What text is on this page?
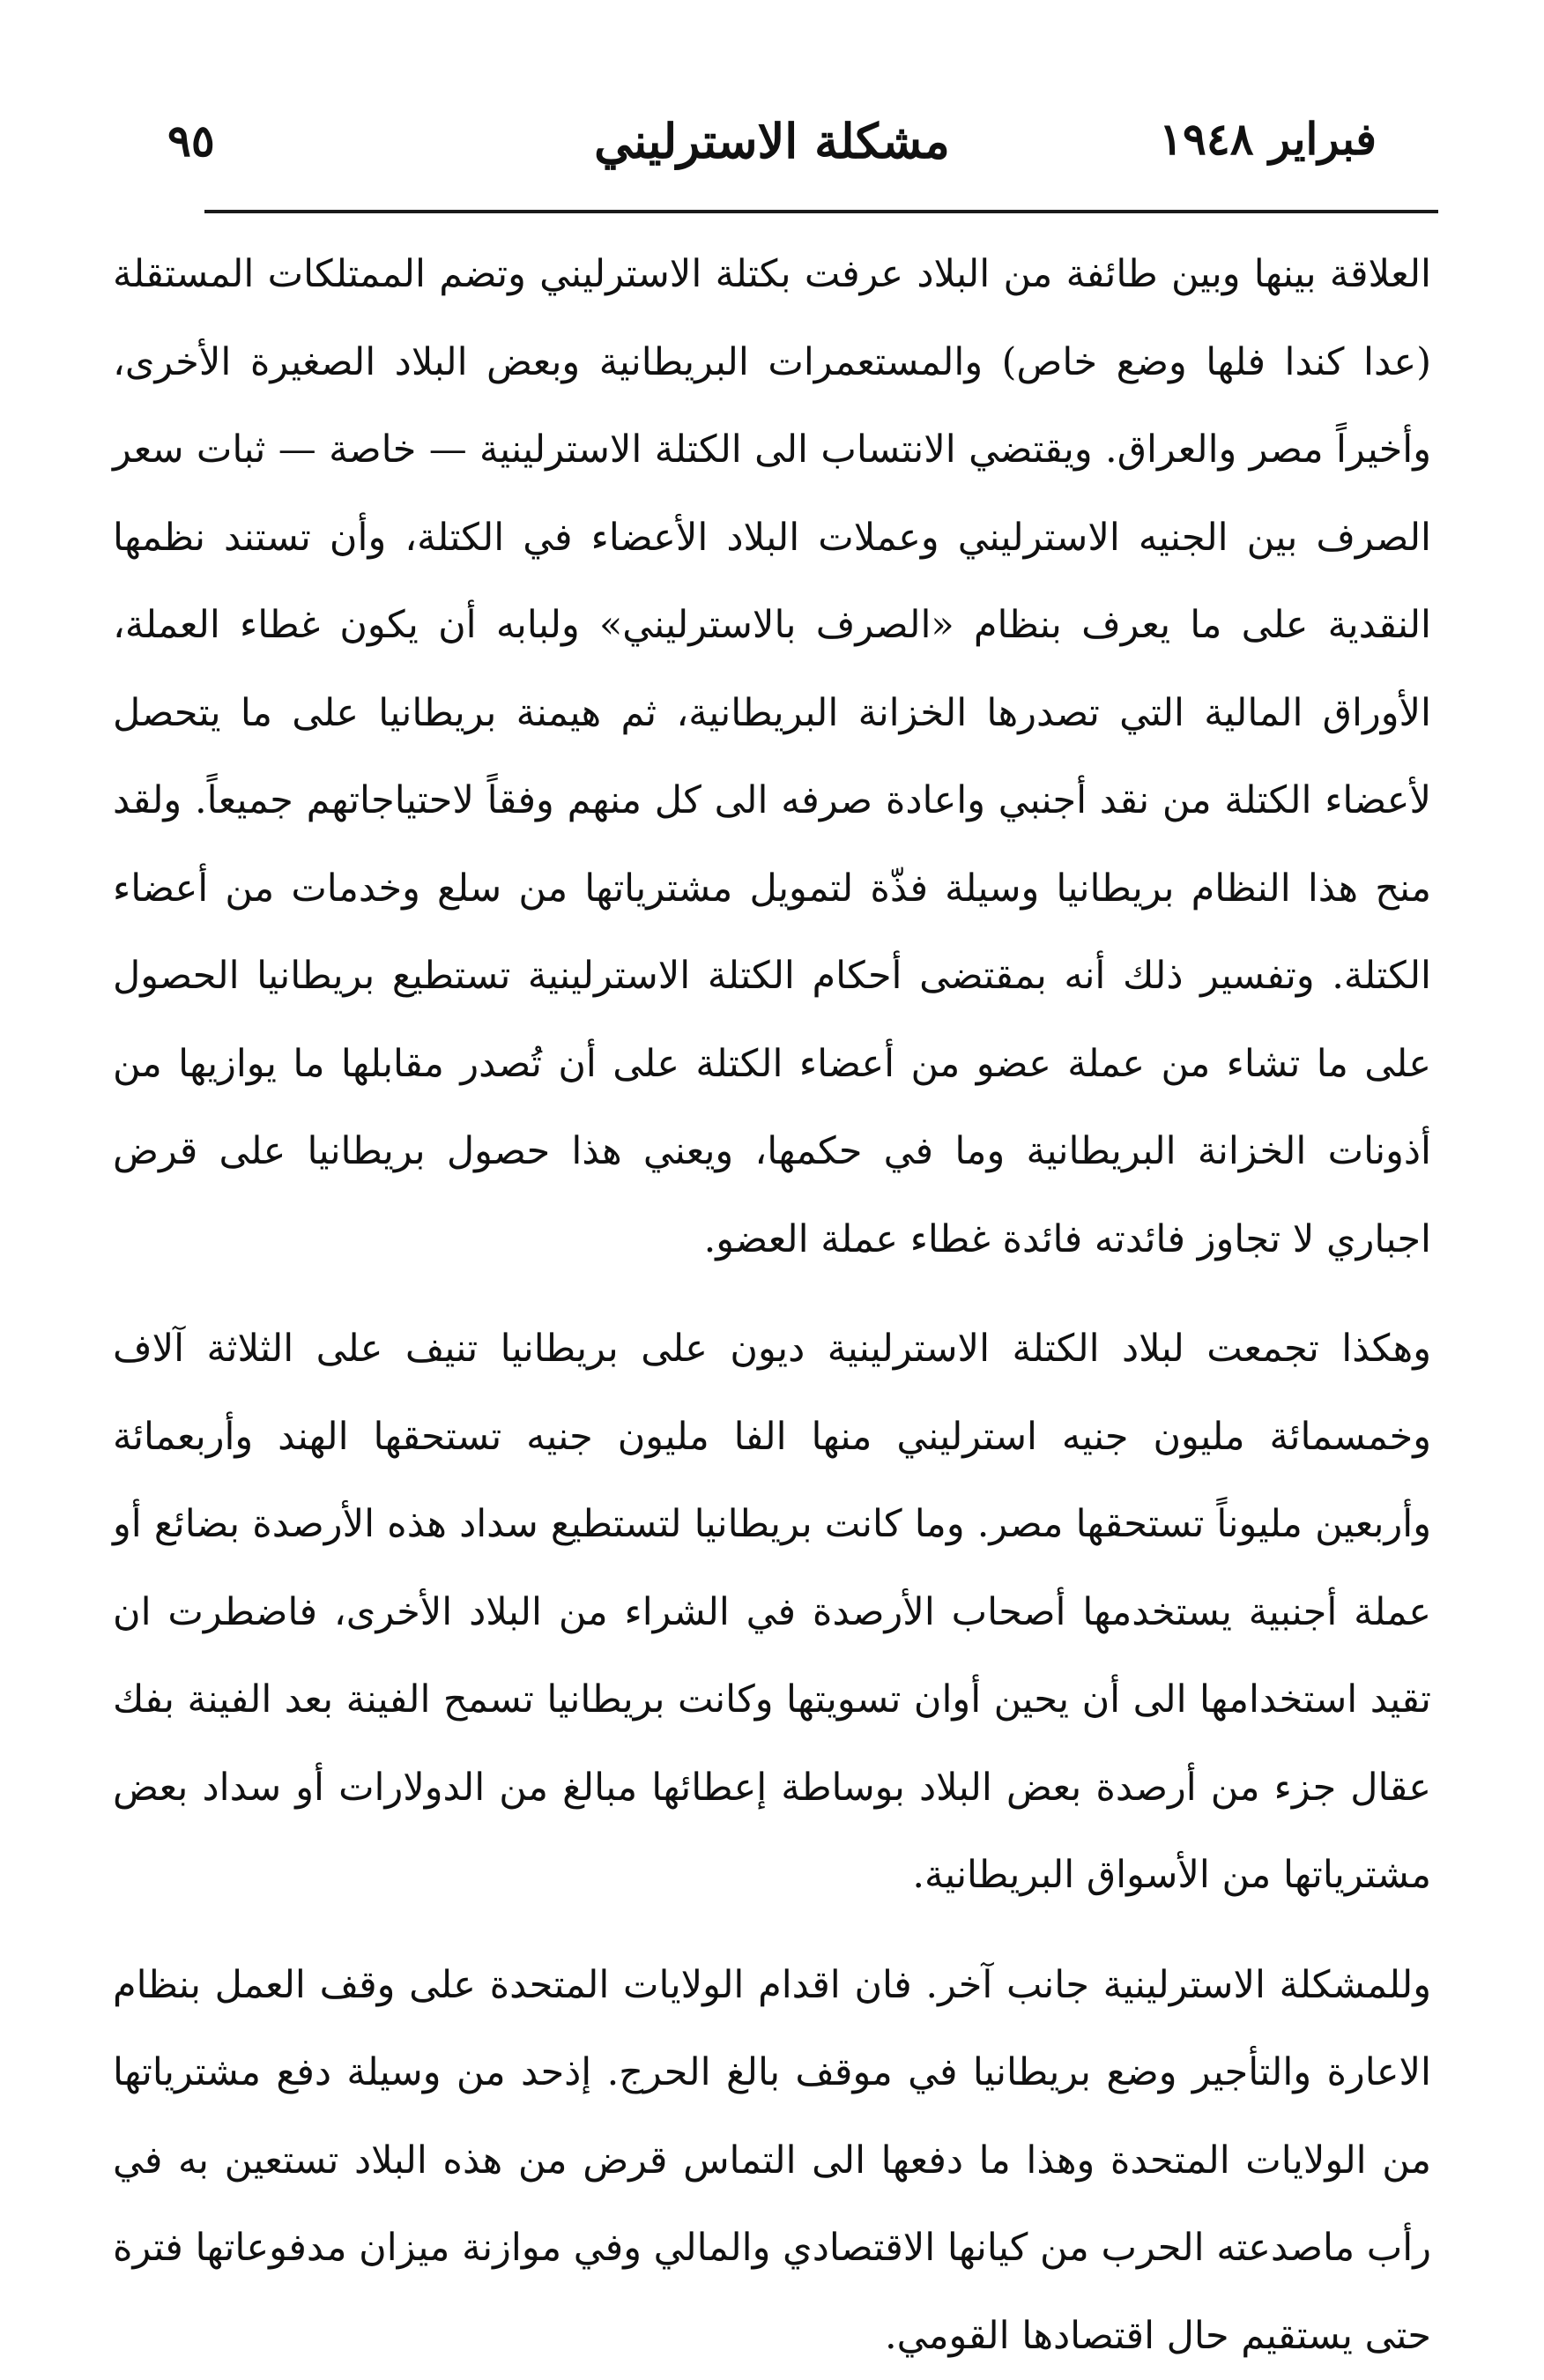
فبراير ١٩٤٨
مشكلة الاسترليني
٩٥

العلاقة بينها وبين طائفة من البلاد عرفت بكتلة الاسترليني وتضم الممتلكات المستقلة (عدا كندا فلها وضع خاص) والمستعمرات البريطانية وبعض البلاد الصغيرة الأخرى، وأخيراً مصر والعراق. ويقتضي الانتساب الى الكتلة الاسترلينية — خاصة — ثبات سعر الصرف بين الجنيه الاسترليني وعملات البلاد الأعضاء في الكتلة، وأن تستند نظمها النقدية على ما يعرف بنظام «الصرف بالاسترليني» ولبابه أن يكون غطاء العملة، الأوراق المالية التي تصدرها الخزانة البريطانية، ثم هيمنة بريطانيا على ما يتحصل لأعضاء الكتلة من نقد أجنبي واعادة صرفه الى كل منهم وفقاً لاحتياجاتهم جميعاً. ولقد منح هذا النظام بريطانيا وسيلة فذّة لتمويل مشترياتها من سلع وخدمات من أعضاء الكتلة. وتفسير ذلك أنه بمقتضى أحكام الكتلة الاسترلينية تستطيع بريطانيا الحصول على ما تشاء من عملة عضو من أعضاء الكتلة على أن تُصدر مقابلها ما يوازيها من أذونات الخزانة البريطانية وما في حكمها، ويعني هذا حصول بريطانيا على قرض اجباري لا تجاوز فائدته فائدة غطاء عملة العضو.

وهكذا تجمعت لبلاد الكتلة الاسترلينية ديون على بريطانيا تنيف على الثلاثة آلاف وخمسمائة مليون جنيه استرليني منها الفا مليون جنيه تستحقها الهند وأربعمائة وأربعين مليوناً تستحقها مصر. وما كانت بريطانيا لتستطيع سداد هذه الأرصدة بضائع أو عملة أجنبية يستخدمها أصحاب الأرصدة في الشراء من البلاد الأخرى، فاضطرت ان تقيد استخدامها الى أن يحين أوان تسويتها وكانت بريطانيا تسمح الفينة بعد الفينة بفك عقال جزء من أرصدة بعض البلاد بوساطة إعطائها مبالغ من الدولارات أو سداد بعض مشترياتها من الأسواق البريطانية.

وللمشكلة الاسترلينية جانب آخر. فان اقدام الولايات المتحدة على وقف العمل بنظام الاعارة والتأجير وضع بريطانيا في موقف بالغ الحرج. إذحد من وسيلة دفع مشترياتها من الولايات المتحدة وهذا ما دفعها الى التماس قرض من هذه البلاد تستعين به في رأب ماصدعته الحرب من كيانها الاقتصادي والمالي وفي موازنة ميزان مدفوعاتها فترة حتى يستقيم حال اقتصادها القومي.
